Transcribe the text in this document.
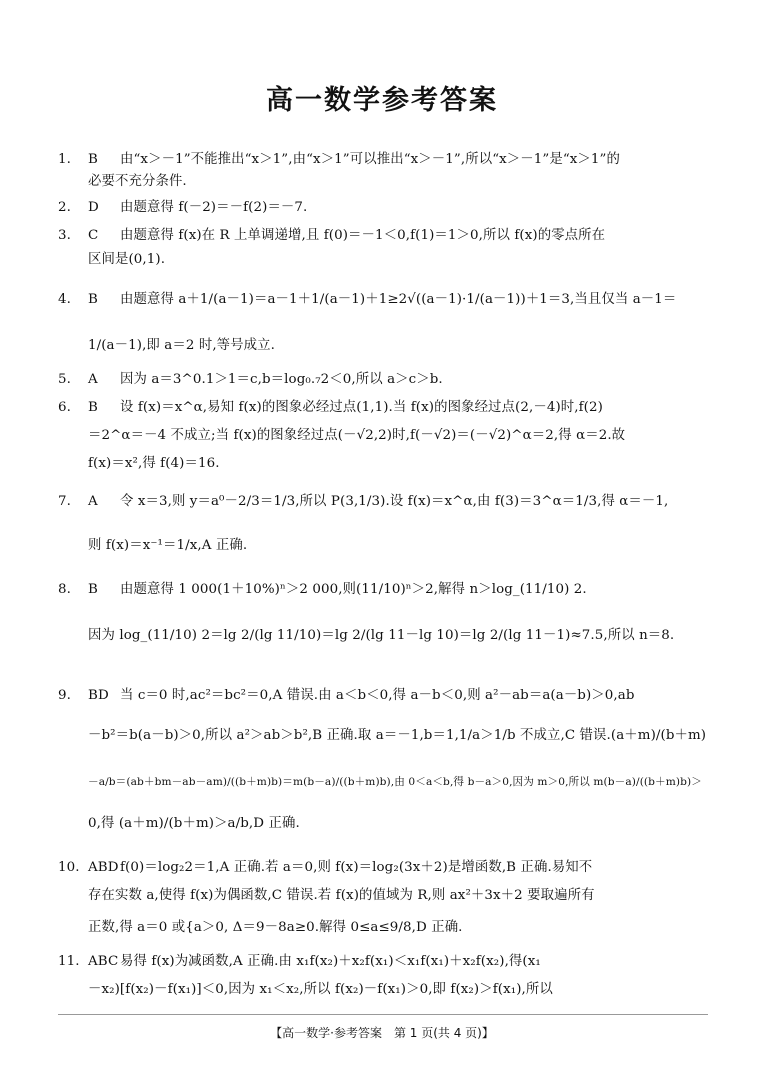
高一数学参考答案
1. B 由“x＞－1”不能推出“x＞1”,由“x＞1”可以推出“x＞－1”,所以“x＞－1”是“x＞1”的
必要不充分条件.
2. D 由题意得 f(－2)＝－f(2)＝－7.
3. C 由题意得 f(x)在 R 上单调递增,且 f(0)＝－1＜0,f(1)＝1＞0,所以 f(x)的零点所在
区间是(0,1).
4. B 由题意得 a＋1/(a－1)＝a－1＋1/(a－1)＋1≥2√((a－1)·1/(a－1))＋1＝3,当且仅当 a－1＝
1/(a－1),即 a＝2 时,等号成立.
5. A 因为 a＝3^0.1＞1＝c,b＝log₀.₇2＜0,所以 a＞c＞b.
6. B 设 f(x)＝x^α,易知 f(x)的图象必经过点(1,1).当 f(x)的图象经过点(2,－4)时,f(2)
＝2^α＝－4 不成立;当 f(x)的图象经过点(－√2,2)时,f(－√2)＝(－√2)^α＝2,得 α＝2.故
f(x)＝x²,得 f(4)＝16.
7. A 令 x＝3,则 y＝a⁰－2/3＝1/3,所以 P(3,1/3).设 f(x)＝x^α,由 f(3)＝3^α＝1/3,得 α＝－1,
则 f(x)＝x⁻¹＝1/x,A 正确.
8. B 由题意得 1 000(1＋10%)ⁿ＞2 000,则(11/10)ⁿ＞2,解得 n＞log_(11/10) 2.
因为 log_(11/10) 2＝lg 2/(lg 11/10)＝lg 2/(lg 11－lg 10)＝lg 2/(lg 11－1)≈7.5,所以 n＝8.
9. BD 当 c＝0 时,ac²＝bc²＝0,A 错误.由 a＜b＜0,得 a－b＜0,则 a²－ab＝a(a－b)＞0,ab
－b²＝b(a－b)＞0,所以 a²＞ab＞b²,B 正确.取 a＝－1,b＝1,1/a＞1/b 不成立,C 错误.(a＋m)/(b＋m)
－a/b＝(ab＋bm－ab－am)/((b＋m)b)＝m(b－a)/((b＋m)b),由 0＜a＜b,得 b－a＞0,因为 m＞0,所以 m(b－a)/((b＋m)b)＞
0,得 (a＋m)/(b＋m)＞a/b,D 正确.
10. ABDf(0)＝log₂2＝1,A 正确.若 a＝0,则 f(x)＝log₂(3x＋2)是增函数,B 正确.易知不
存在实数 a,使得 f(x)为偶函数,C 错误.若 f(x)的值域为 R,则 ax²＋3x＋2 要取遍所有
正数,得 a＝0 或{a＞0, Δ＝9－8a≥0.解得 0≤a≤9/8,D 正确.
11. ABC 易得 f(x)为减函数,A 正确.由 x₁f(x₂)＋x₂f(x₁)＜x₁f(x₁)＋x₂f(x₂),得(x₁
－x₂)[f(x₂)－f(x₁)]＜0,因为 x₁＜x₂,所以 f(x₂)－f(x₁)＞0,即 f(x₂)＞f(x₁),所以
【高一数学·参考答案　第 1 页(共 4 页)】
